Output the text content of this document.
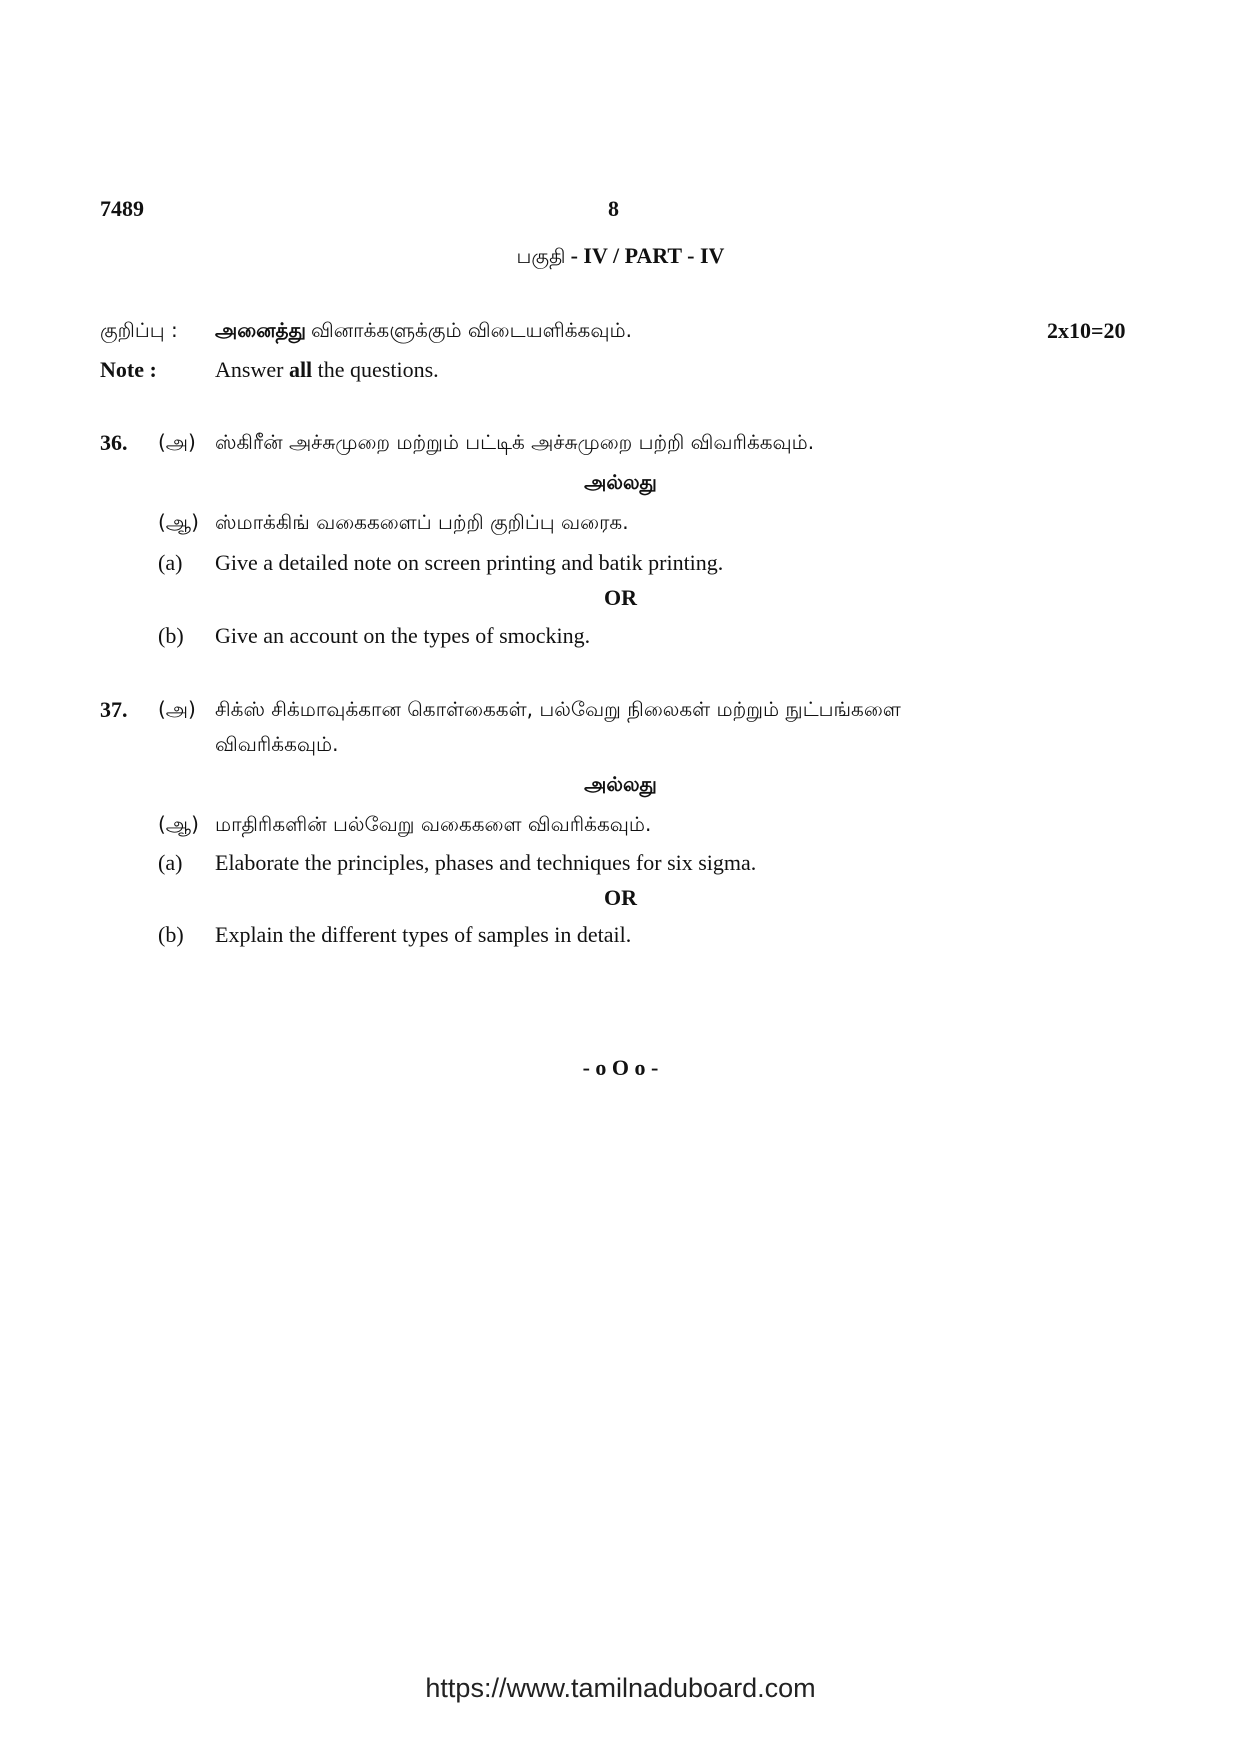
7489	8
பகுதி - IV / PART - IV
குறிப்பு : அனைத்து வினாக்களுக்கும் விடையளிக்கவும்.	2x10=20
Note :	Answer all the questions.
36. (அ) ஸ்கிரீன் அச்சுமுறை மற்றும் பட்டிக் அச்சுமுறை பற்றி விவரிக்கவும்.
அல்லது
(ஆ) ஸ்மாக்கிங் வகைகளைப் பற்றி குறிப்பு வரைக.
(a) Give a detailed note on screen printing and batik printing.
OR
(b) Give an account on the types of smocking.
37. (அ) சிக்ஸ் சிக்மாவுக்கான கொள்கைகள், பல்வேறு நிலைகள் மற்றும் நுட்பங்களை
விவரிக்கவும்.
அல்லது
(ஆ) மாதிரிகளின் பல்வேறு வகைகளை விவரிக்கவும்.
(a) Elaborate the principles, phases and techniques for six sigma.
OR
(b) Explain the different types of samples in detail.
- o O o -
https://www.tamilnaduboard.com
